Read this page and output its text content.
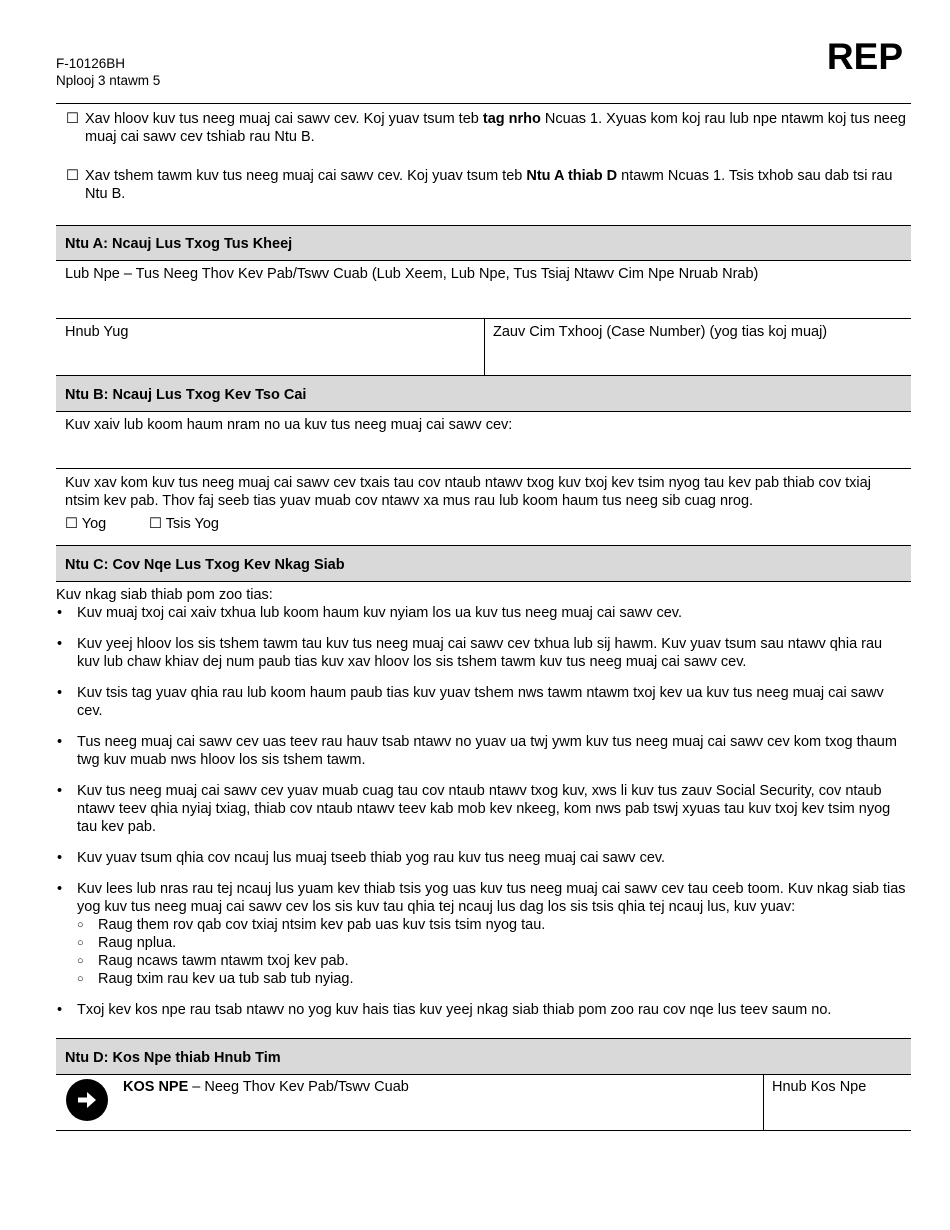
F-10126BH
Nplooj 3 ntawm 5
REP
☐ Xav hloov kuv tus neeg muaj cai sawv cev. Koj yuav tsum teb tag nrho Ncuas 1. Xyuas kom koj rau lub npe ntawm koj tus neeg muaj cai sawv cev tshiab rau Ntu B.
☐ Xav tshem tawm kuv tus neeg muaj cai sawv cev. Koj yuav tsum teb Ntu A thiab D ntawm Ncuas 1. Tsis txhob sau dab tsi rau Ntu B.
Ntu A: Ncauj Lus Txog Tus Kheej
Lub Npe – Tus Neeg Thov Kev Pab/Tswv Cuab (Lub Xeem, Lub Npe, Tus Tsiaj Ntawv Cim Npe Nruab Nrab)
Hnub Yug	Zauv Cim Txhooj (Case Number) (yog tias koj muaj)
Ntu B: Ncauj Lus Txog Kev Tso Cai
Kuv xaiv lub koom haum nram no ua kuv tus neeg muaj cai sawv cev:
Kuv xav kom kuv tus neeg muaj cai sawv cev txais tau cov ntaub ntawv txog kuv txoj kev tsim nyog tau kev pab thiab cov txiaj ntsim kev pab. Thov faj seeb tias yuav muab cov ntawv xa mus rau lub koom haum tus neeg sib cuag nrog.
☐ Yog	☐ Tsis Yog
Ntu C: Cov Nqe Lus Txog Kev Nkag Siab
Kuv nkag siab thiab pom zoo tias:
• Kuv muaj txoj cai xaiv txhua lub koom haum kuv nyiam los ua kuv tus neeg muaj cai sawv cev.
• Kuv yeej hloov los sis tshem tawm tau kuv tus neeg muaj cai sawv cev txhua lub sij hawm. Kuv yuav tsum sau ntawv qhia rau kuv lub chaw khiav dej num paub tias kuv xav hloov los sis tshem tawm kuv tus neeg muaj cai sawv cev.
• Kuv tsis tag yuav qhia rau lub koom haum paub tias kuv yuav tshem nws tawm ntawm txoj kev ua kuv tus neeg muaj cai sawv cev.
• Tus neeg muaj cai sawv cev uas teev rau hauv tsab ntawv no yuav ua twj ywm kuv tus neeg muaj cai sawv cev kom txog thaum twg kuv muab nws hloov los sis tshem tawm.
• Kuv tus neeg muaj cai sawv cev yuav muab cuag tau cov ntaub ntawv txog kuv, xws li kuv tus zauv Social Security, cov ntaub ntawv teev qhia nyiaj txiag, thiab cov ntaub ntawv teev kab mob kev nkeeg, kom nws pab tswj xyuas tau kuv txoj kev tsim nyog tau kev pab.
• Kuv yuav tsum qhia cov ncauj lus muaj tseeb thiab yog rau kuv tus neeg muaj cai sawv cev.
• Kuv lees lub nras rau tej ncauj lus yuam kev thiab tsis yog uas kuv tus neeg muaj cai sawv cev tau ceeb toom. Kuv nkag siab tias yog kuv tus neeg muaj cai sawv cev los sis kuv tau qhia tej ncauj lus dag los sis tsis qhia tej ncauj lus, kuv yuav:
○ Raug them rov qab cov txiaj ntsim kev pab uas kuv tsis tsim nyog tau.
○ Raug nplua.
○ Raug ncaws tawm ntawm txoj kev pab.
○ Raug txim rau kev ua tub sab tub nyiag.
• Txoj kev kos npe rau tsab ntawv no yog kuv hais tias kuv yeej nkag siab thiab pom zoo rau cov nqe lus teev saum no.
Ntu D: Kos Npe thiab Hnub Tim
KOS NPE – Neeg Thov Kev Pab/Tswv Cuab	Hnub Kos Npe
